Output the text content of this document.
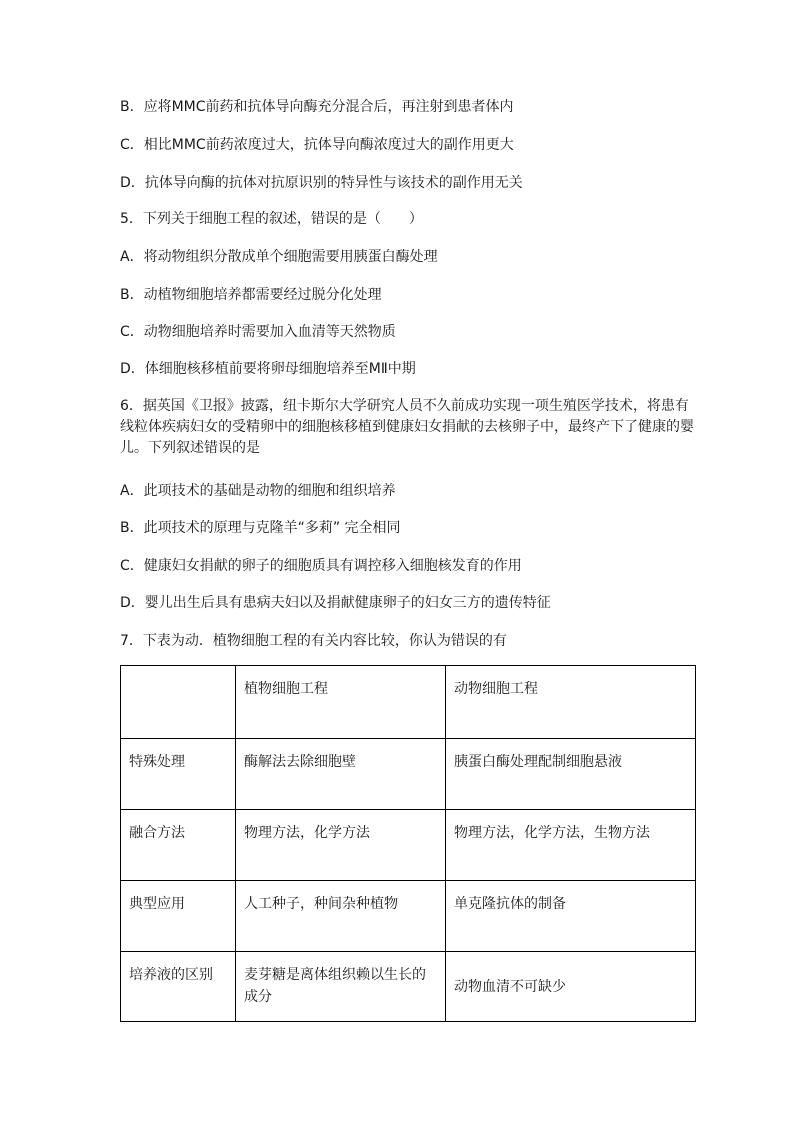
B．应将MMC前药和抗体导向酶充分混合后，再注射到患者体内
C．相比MMC前药浓度过大，抗体导向酶浓度过大的副作用更大
D．抗体导向酶的抗体对抗原识别的特异性与该技术的副作用无关
5．下列关于细胞工程的叙述，错误的是（　　）
A．将动物组织分散成单个细胞需要用胰蛋白酶处理
B．动植物细胞培养都需要经过脱分化处理
C．动物细胞培养时需要加入血清等天然物质
D．体细胞核移植前要将卵母细胞培养至MⅡ中期
6．据英国《卫报》披露，纽卡斯尔大学研究人员不久前成功实现一项生殖医学技术，将患有线粒体疾病妇女的受精卵中的细胞核移植到健康妇女捐献的去核卵子中，最终产下了健康的婴儿。下列叙述错误的是
A．此项技术的基础是动物的细胞和组织培养
B．此项技术的原理与克隆羊“多莉” 完全相同
C．健康妇女捐献的卵子的细胞质具有调控移入细胞核发育的作用
D．婴儿出生后具有患病夫妇以及捐献健康卵子的妇女三方的遗传特征
7．下表为动．植物细胞工程的有关内容比较，你认为错误的有
	植物细胞工程	动物细胞工程
特殊处理	酶解法去除细胞壁	胰蛋白酶处理配制细胞悬液
融合方法	物理方法，化学方法	物理方法，化学方法，生物方法
典型应用	人工种子，种间杂种植物	单克隆抗体的制备
培养液的区别	麦芽糖是离体组织赖以生长的成分	动物血清不可缺少
